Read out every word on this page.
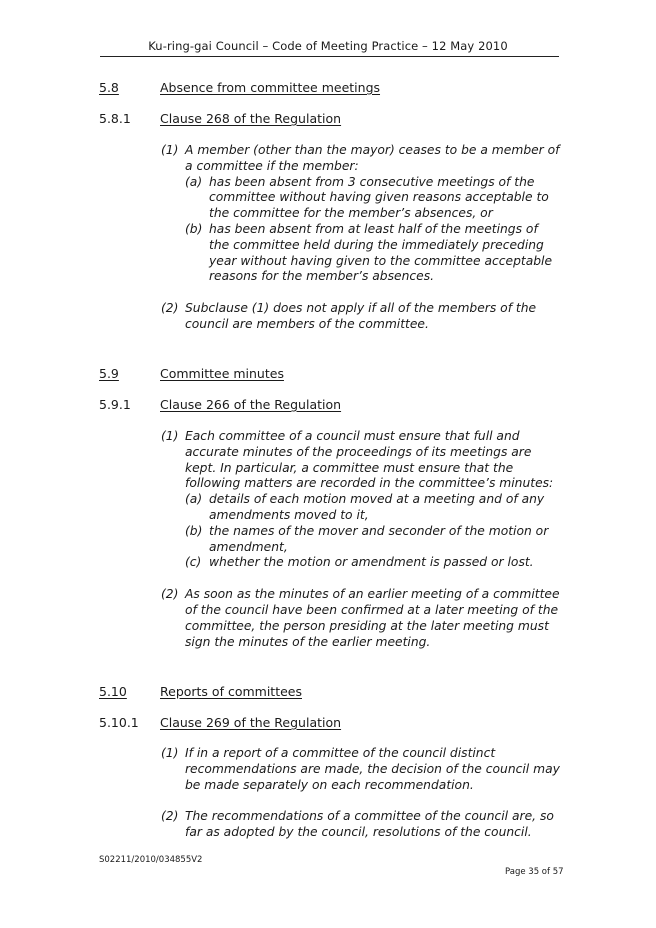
Ku-ring-gai Council – Code of Meeting Practice – 12 May 2010
5.8	Absence from committee meetings
5.8.1 Clause 268 of the Regulation
(1) A member (other than the mayor) ceases to be a member of a committee if the member:
(a) has been absent from 3 consecutive meetings of the committee without having given reasons acceptable to the committee for the member’s absences, or
(b) has been absent from at least half of the meetings of the committee held during the immediately preceding year without having given to the committee acceptable reasons for the member’s absences.
(2) Subclause (1) does not apply if all of the members of the council are members of the committee.
5.9	Committee minutes
5.9.1 Clause 266 of the Regulation
(1) Each committee of a council must ensure that full and accurate minutes of the proceedings of its meetings are kept. In particular, a committee must ensure that the following matters are recorded in the committee’s minutes:
(a) details of each motion moved at a meeting and of any amendments moved to it,
(b) the names of the mover and seconder of the motion or amendment,
(c) whether the motion or amendment is passed or lost.
(2) As soon as the minutes of an earlier meeting of a committee of the council have been confirmed at a later meeting of the committee, the person presiding at the later meeting must sign the minutes of the earlier meeting.
5.10	Reports of committees
5.10.1 Clause 269 of the Regulation
(1) If in a report of a committee of the council distinct recommendations are made, the decision of the council may be made separately on each recommendation.
(2) The recommendations of a committee of the council are, so far as adopted by the council, resolutions of the council.
S02211/2010/034855V2
Page 35 of 57
